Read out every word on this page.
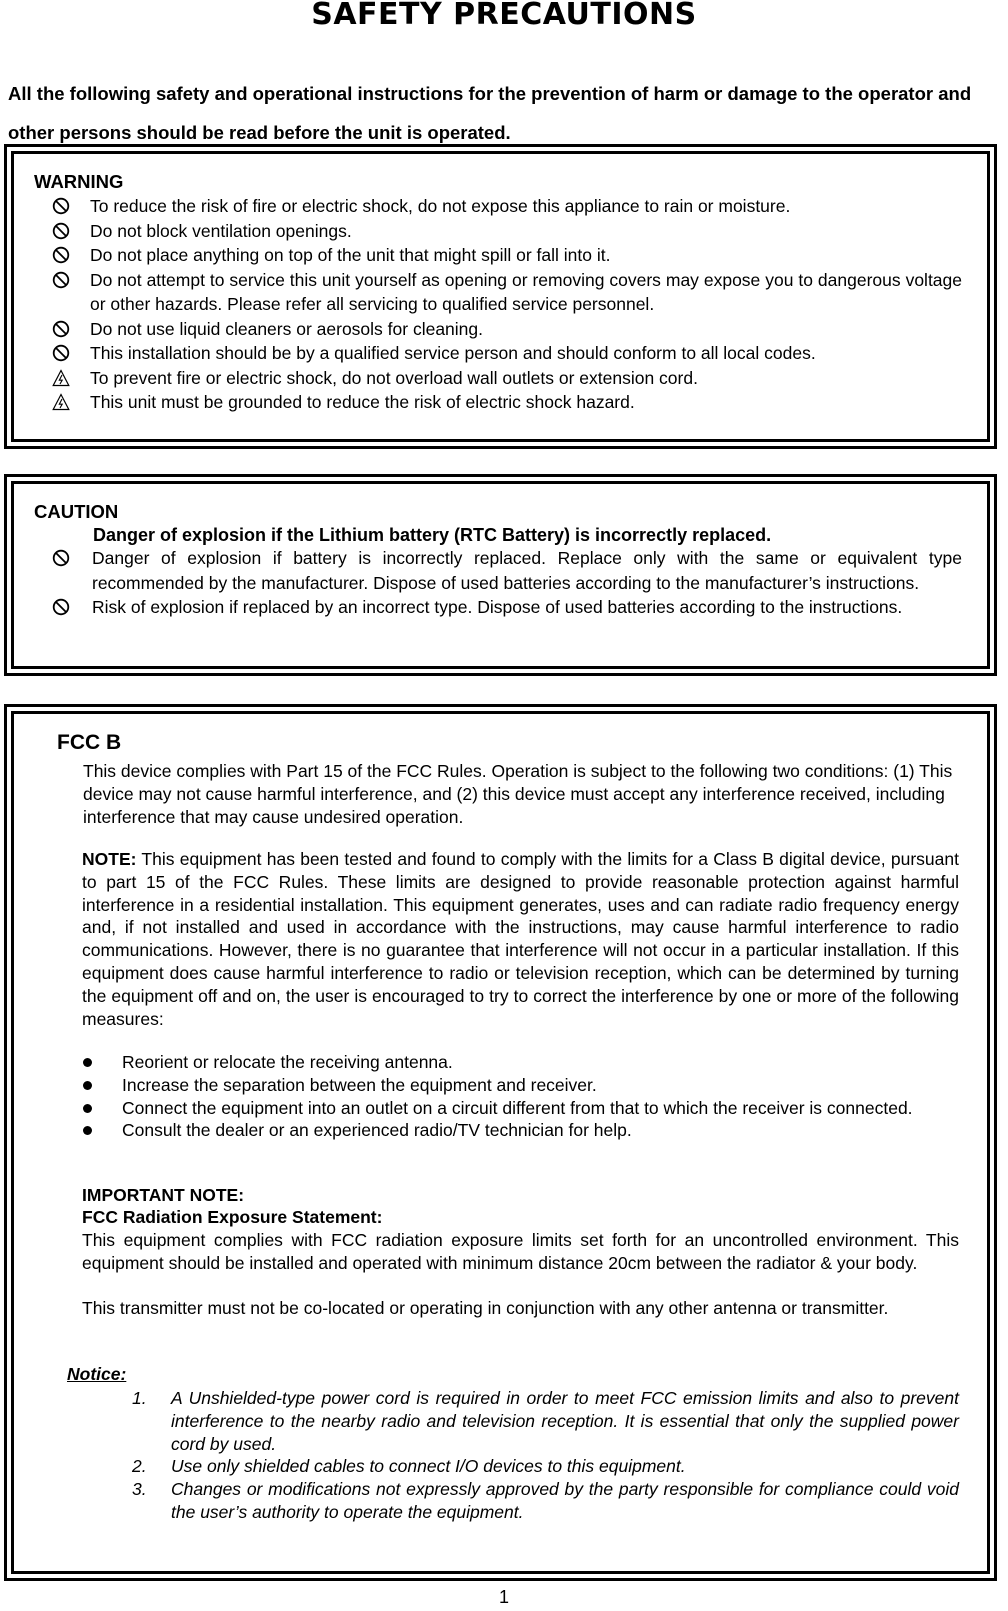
SAFETY PRECAUTIONS
All the following safety and operational instructions for the prevention of harm or damage to the operator and other persons should be read before the unit is operated.
WARNING
To reduce the risk of fire or electric shock, do not expose this appliance to rain or moisture.
Do not block ventilation openings.
Do not place anything on top of the unit that might spill or fall into it.
Do not attempt to service this unit yourself as opening or removing covers may expose you to dangerous voltage or other hazards. Please refer all servicing to qualified service personnel.
Do not use liquid cleaners or aerosols for cleaning.
This installation should be by a qualified service person and should conform to all local codes.
To prevent fire or electric shock, do not overload wall outlets or extension cord.
This unit must be grounded to reduce the risk of electric shock hazard.
CAUTION
Danger of explosion if the Lithium battery (RTC Battery) is incorrectly replaced.
Danger of explosion if battery is incorrectly replaced. Replace only with the same or equivalent type recommended by the manufacturer. Dispose of used batteries according to the manufacturer’s instructions.
Risk of explosion if replaced by an incorrect type. Dispose of used batteries according to the instructions.
FCC B
This device complies with Part 15 of the FCC Rules. Operation is subject to the following two conditions: (1) This device may not cause harmful interference, and (2) this device must accept any interference received, including interference that may cause undesired operation.
NOTE: This equipment has been tested and found to comply with the limits for a Class B digital device, pursuant to part 15 of the FCC Rules. These limits are designed to provide reasonable protection against harmful interference in a residential installation. This equipment generates, uses and can radiate radio frequency energy and, if not installed and used in accordance with the instructions, may cause harmful interference to radio communications. However, there is no guarantee that interference will not occur in a particular installation. If this equipment does cause harmful interference to radio or television reception, which can be determined by turning the equipment off and on, the user is encouraged to try to correct the interference by one or more of the following measures:
Reorient or relocate the receiving antenna.
Increase the separation between the equipment and receiver.
Connect the equipment into an outlet on a circuit different from that to which the receiver is connected.
Consult the dealer or an experienced radio/TV technician for help.
IMPORTANT NOTE:
FCC Radiation Exposure Statement:
This equipment complies with FCC radiation exposure limits set forth for an uncontrolled environment. This equipment should be installed and operated with minimum distance 20cm between the radiator & your body.
This transmitter must not be co-located or operating in conjunction with any other antenna or transmitter.
Notice:
1.	A Unshielded-type power cord is required in order to meet FCC emission limits and also to prevent interference to the nearby radio and television reception. It is essential that only the supplied power cord by used.
2.	Use only shielded cables to connect I/O devices to this equipment.
3.	Changes or modifications not expressly approved by the party responsible for compliance could void the user’s authority to operate the equipment.
1
